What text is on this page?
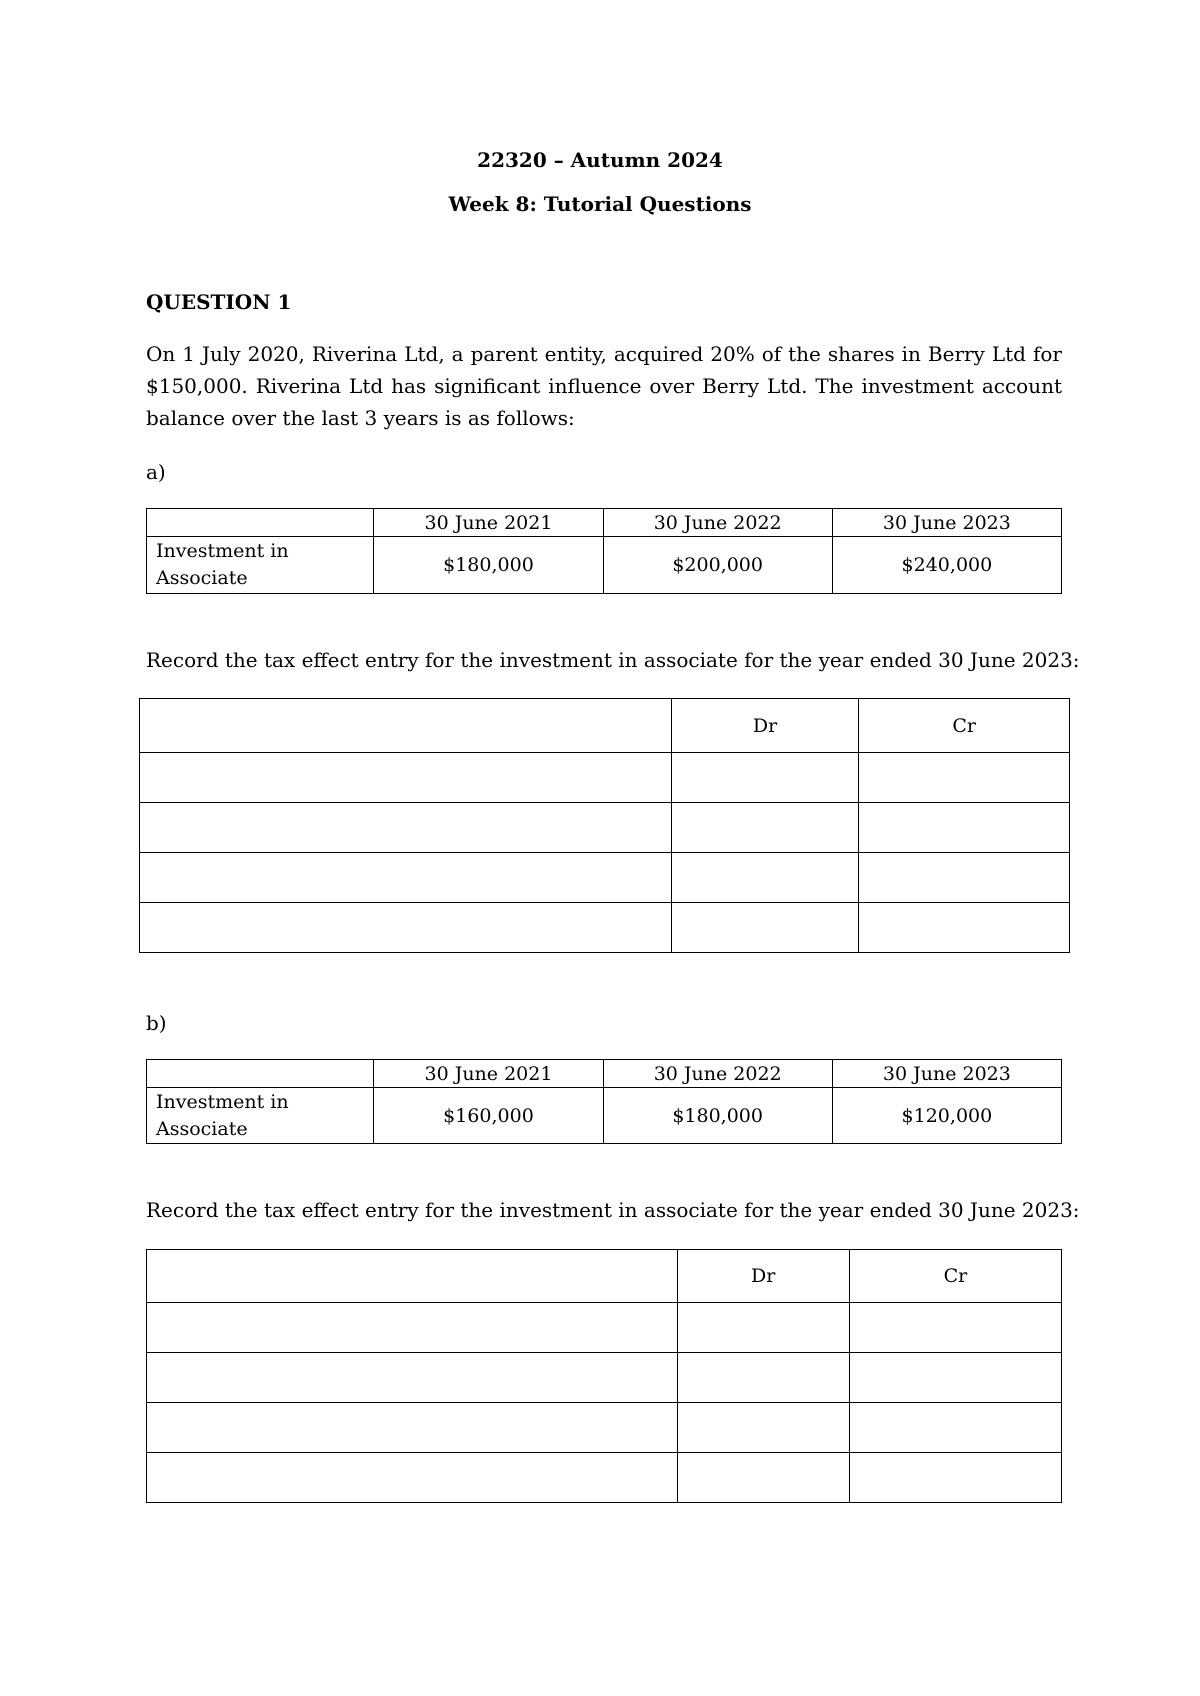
22320 – Autumn 2024
Week 8: Tutorial Questions
QUESTION 1
On 1 July 2020, Riverina Ltd, a parent entity, acquired 20% of the shares in Berry Ltd for
$150,000. Riverina Ltd has significant influence over Berry Ltd. The investment account
balance over the last 3 years is as follows:
a)
	30 June 2021	30 June 2022	30 June 2023

Investment in
Associate	$180,000	$200,000	$240,000
Record the tax effect entry for the investment in associate for the year ended 30 June 2023:
	Dr	Cr

b)
	30 June 2021	30 June 2022	30 June 2023

Investment in
Associate	$160,000	$180,000	$120,000
Record the tax effect entry for the investment in associate for the year ended 30 June 2023:
	Dr	Cr
